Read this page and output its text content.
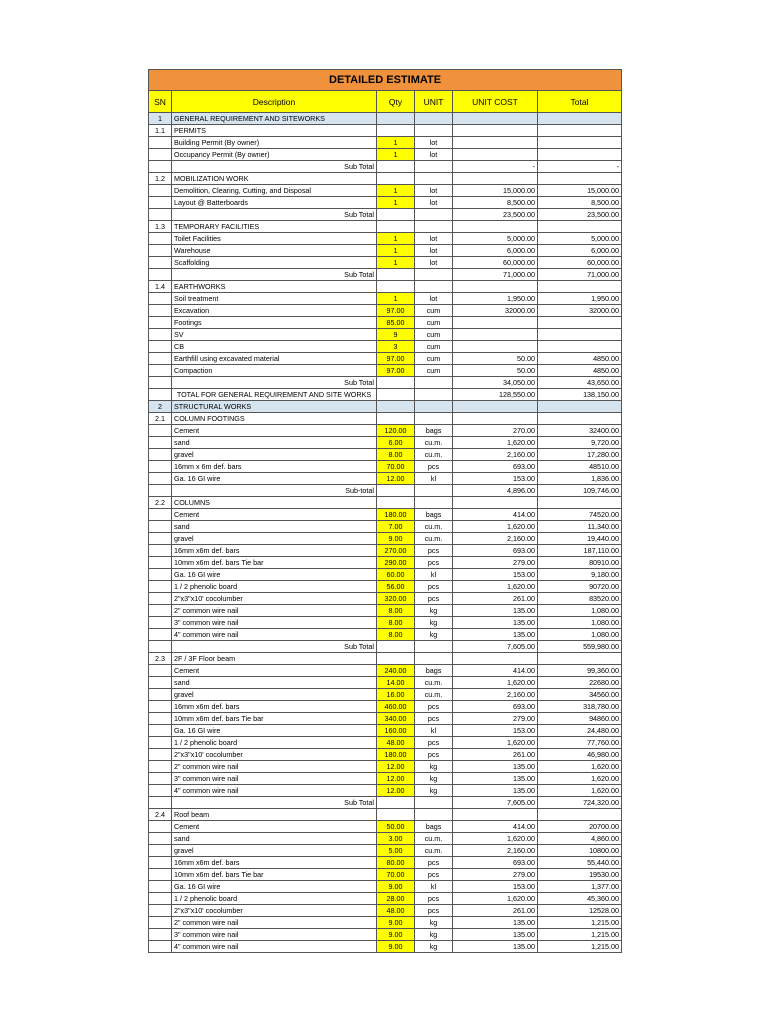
DETAILED ESTIMATE					
SN	Description	Qty	UNIT	UNIT COST	Total
1	GENERAL REQUIREMENT AND SITEWORKS				
1.1	PERMITS				
	Building Permit (By owner)	1	lot		
	Occupancy Permit (By owner)	1	lot		
	Sub Total			-	-
1.2	MOBILIZATION WORK				
	Demolition, Clearing, Cutting, and Disposal	1	lot	15,000.00	15,000.00
	Layout @ Batterboards	1	lot	8,500.00	8,500.00
	Sub Total			23,500.00	23,500.00
1.3	TEMPORARY FACILITIES				
	Toilet Facilities	1	lot	5,000.00	5,000.00
	Warehouse	1	lot	6,000.00	6,000.00
	Scaffolding	1	lot	60,000.00	60,000.00
	Sub Total			71,000.00	71,000.00
1.4	EARTHWORKS				
	Soil treatment	1	lot	1,950.00	1,950.00
	Excavation	97.00	cum	32000.00	32000.00
	Footings	85.00	cum		
	SV	9	cum		
	CB	3	cum		
	Earthfill using excavated material	97.00	cum	50.00	4850.00
	Compaction	97.00	cum	50.00	4850.00
	Sub Total			34,050.00	43,650.00
	TOTAL FOR GENERAL REQUIREMENT AND SITE WORKS			128,550.00	138,150.00
2	STRUCTURAL WORKS				
2.1	COLUMN FOOTINGS				
	Cement	120.00	bags	270.00	32400.00
	sand	6.00	cu.m.	1,620.00	9,720.00
	gravel	8.00	cu.m.	2,160.00	17,280.00
	16mm x 6m def. bars	70.00	pcs	693.00	48510.00
	Ga. 16 GI wire	12.00	kl	153.00	1,836.00
	Sub-total			4,896.00	109,746.00
2.2	COLUMNS				
	Cement	180.00	bags	414.00	74520.00
	sand	7.00	cu.m.	1,620.00	11,340.00
	gravel	9.00	cu.m.	2,160.00	19,440.00
	16mm x6m def. bars	270.00	pcs	693.00	187,110.00
	10mm x6m def. bars Tie bar	290.00	pcs	279.00	80910.00
	Ga. 16 GI wire	60.00	kl	153.00	9,180.00
	1 / 2 phenolic board	56.00	pcs	1,620.00	90720.00
	2"x3"x10' cocolumber	320.00	pcs	261.00	83520.00
	2" common wire nail	8.00	kg	135.00	1,080.00
	3" common wire nail	8.00	kg	135.00	1,080.00
	4" common wire nail	8.00	kg	135.00	1,080.00
	Sub Total			7,605.00	559,980.00
2.3	2F / 3F Floor beam				
	Cement	240.00	bags	414.00	99,360.00
	sand	14.00	cu.m.	1,620.00	22680.00
	gravel	16.00	cu.m.	2,160.00	34560.00
	16mm x6m def. bars	460.00	pcs	693.00	318,780.00
	10mm x6m def. bars Tie bar	340.00	pcs	279.00	94860.00
	Ga. 16 GI wire	160.00	kl	153.00	24,480.00
	1 / 2 phenolic board	48.00	pcs	1,620.00	77,760.00
	2"x3"x10' cocolumber	180.00	pcs	261.00	46,980.00
	2" common wire nail	12.00	kg	135.00	1,620.00
	3" common wire nail	12.00	kg	135.00	1,620.00
	4" common wire nail	12.00	kg	135.00	1,620.00
	Sub Total			7,605.00	724,320.00
2.4	Roof beam				
	Cement	50.00	bags	414.00	20700.00
	sand	3.00	cu.m.	1,620.00	4,860.00
	gravel	5.00	cu.m.	2,160.00	10800.00
	16mm x6m def. bars	80.00	pcs	693.00	55,440.00
	10mm x6m def. bars Tie bar	70.00	pcs	279.00	19530.00
	Ga. 16 GI wire	9.00	kl	153.00	1,377.00
	1 / 2 phenolic board	28.00	pcs	1,620.00	45,360.00
	2"x3"x10' cocolumber	48.00	pcs	261.00	12528.00
	2" common wire nail	9.00	kg	135.00	1,215.00
	3" common wire nail	9.00	kg	135.00	1,215.00
	4" common wire nail	9.00	kg	135.00	1,215.00
